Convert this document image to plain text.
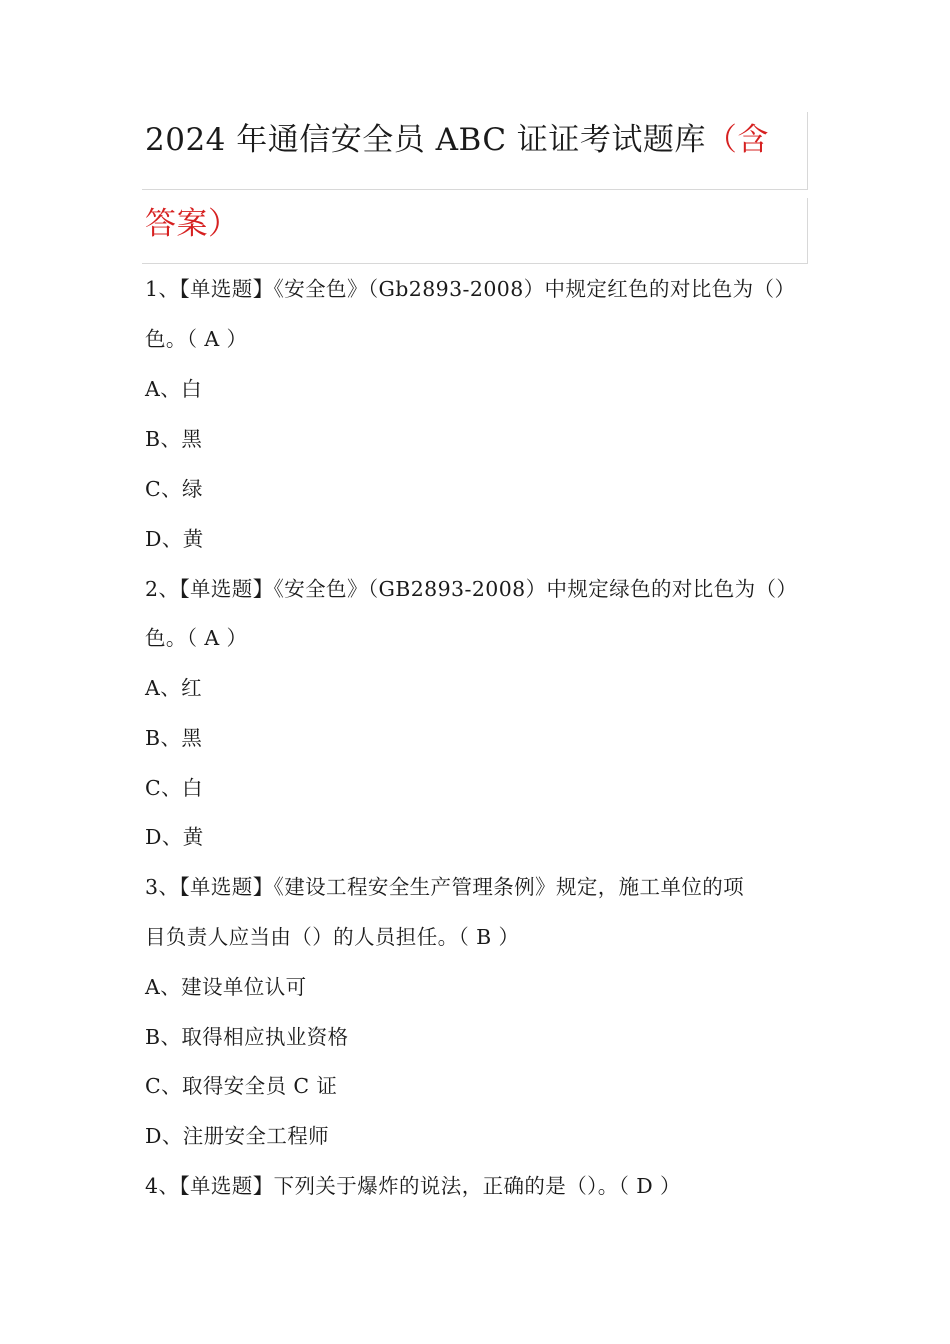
2024 年通信安全员 ABC 证证考试题库（含
答案）
1、【单选题】《安全色》（Gb2893-2008）中规定红色的对比色为（）
色。（ A ）
A、白
B、黑
C、绿
D、黄
2、【单选题】《安全色》（GB2893-2008）中规定绿色的对比色为（）
色。（ A ）
A、红
B、黑
C、白
D、黄
3、【单选题】《建设工程安全生产管理条例》规定，施工单位的项
目负责人应当由（）的人员担任。（ B ）
A、建设单位认可
B、取得相应执业资格
C、取得安全员 C 证
D、注册安全工程师
4、【单选题】下列关于爆炸的说法，正确的是（）。（ D ）
